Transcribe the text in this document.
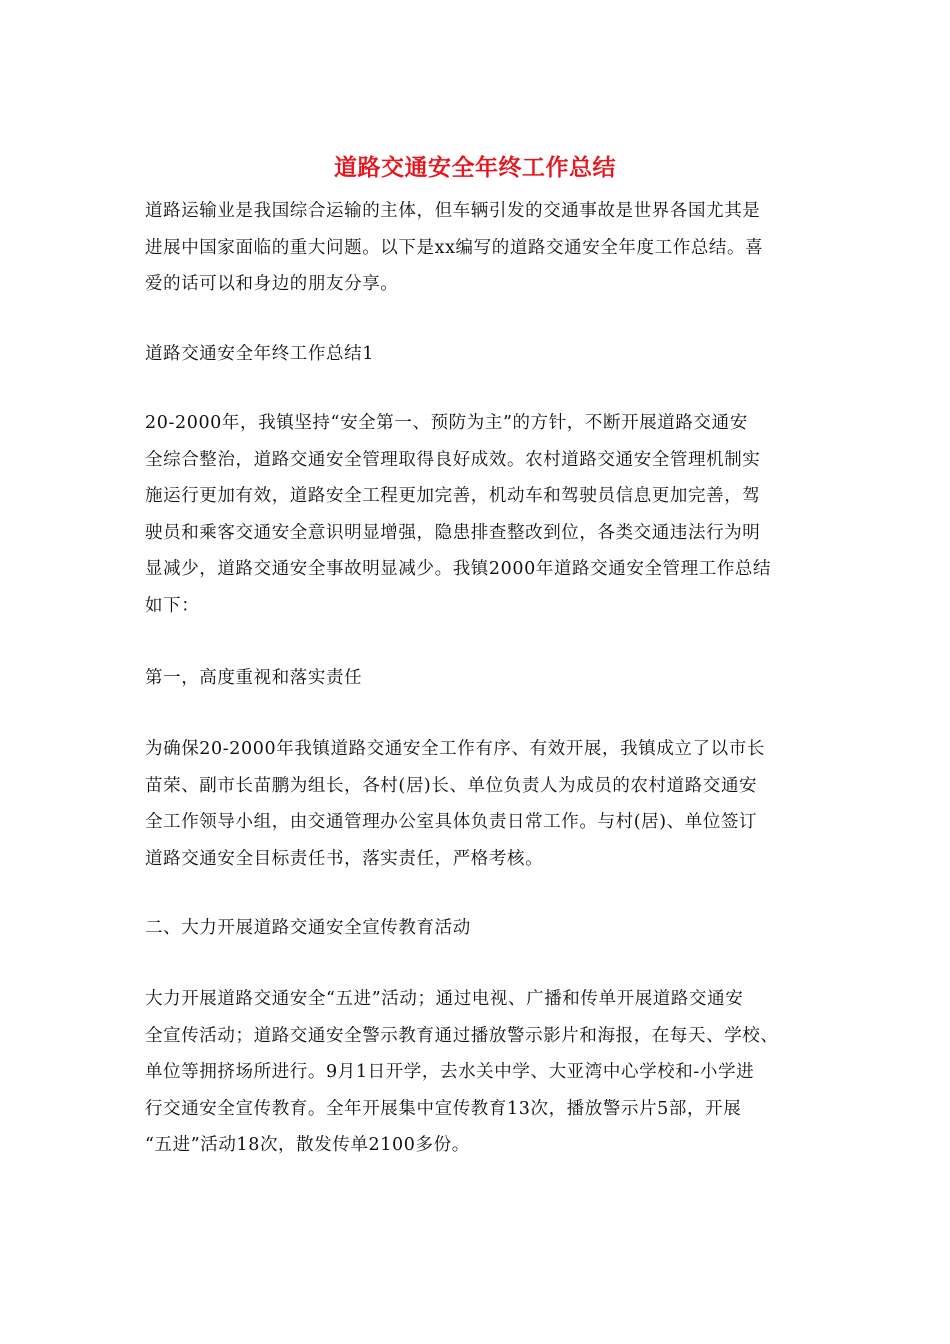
道路交通安全年终工作总结

道路运输业是我国综合运输的主体，但车辆引发的交通事故是世界各国尤其是
进展中国家面临的重大问题。以下是xx编写的道路交通安全年度工作总结。喜
爱的话可以和身边的朋友分享。

道路交通安全年终工作总结1

20-2000年，我镇坚持“安全第一、预防为主”的方针，不断开展道路交通安
全综合整治，道路交通安全管理取得良好成效。农村道路交通安全管理机制实
施运行更加有效，道路安全工程更加完善，机动车和驾驶员信息更加完善，驾
驶员和乘客交通安全意识明显增强，隐患排查整改到位，各类交通违法行为明
显减少，道路交通安全事故明显减少。我镇2000年道路交通安全管理工作总结
如下：

第一，高度重视和落实责任

为确保20-2000年我镇道路交通安全工作有序、有效开展，我镇成立了以市长
苗荣、副市长苗鹏为组长，各村(居)长、单位负责人为成员的农村道路交通安
全工作领导小组，由交通管理办公室具体负责日常工作。与村(居)、单位签订
道路交通安全目标责任书，落实责任，严格考核。

二、大力开展道路交通安全宣传教育活动

大力开展道路交通安全“五进”活动；通过电视、广播和传单开展道路交通安
全宣传活动；道路交通安全警示教育通过播放警示影片和海报，在每天、学校、
单位等拥挤场所进行。9月1日开学，去水关中学、大亚湾中心学校和-小学进
行交通安全宣传教育。全年开展集中宣传教育13次，播放警示片5部，开展
“五进”活动18次，散发传单2100多份。
